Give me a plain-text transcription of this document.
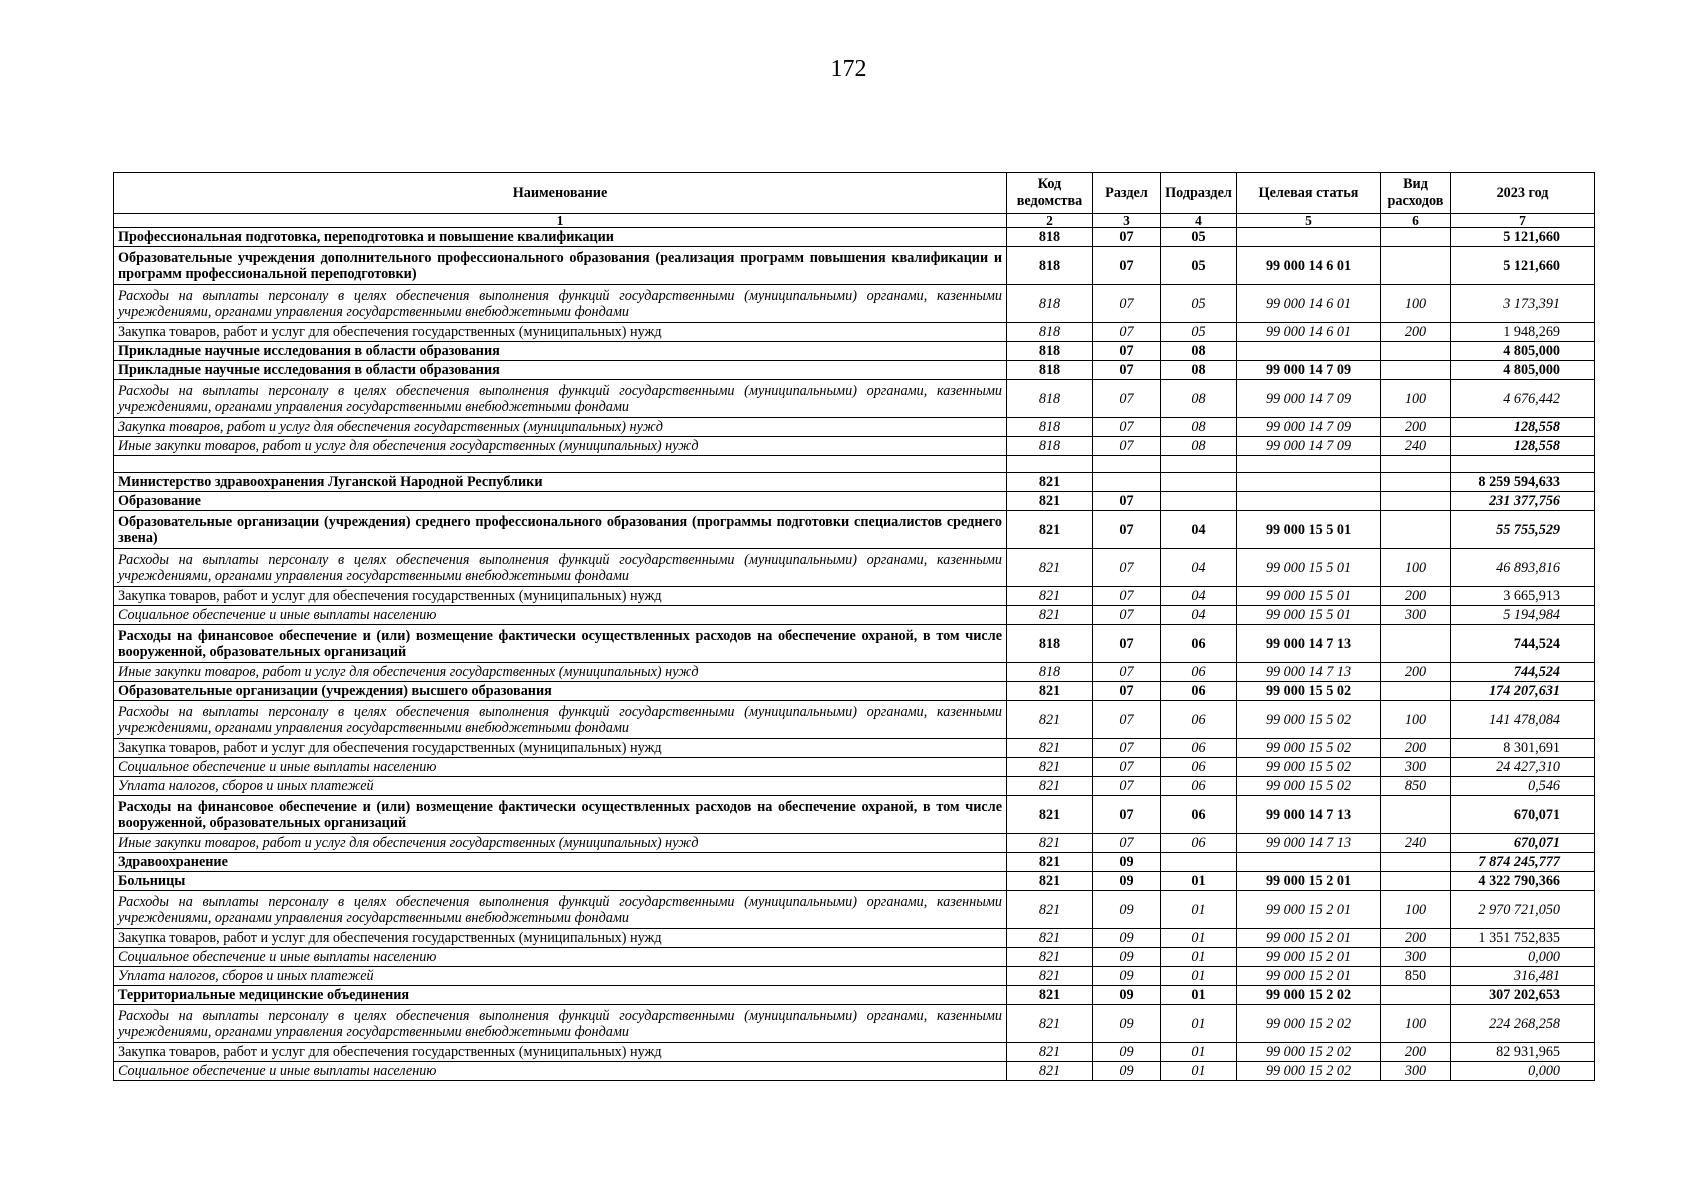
172
Наименование	Код ведомства	Раздел	Подраздел	Целевая статья	Вид расходов	2023 год
1	2	3	4	5	6	7
Профессиональная подготовка, переподготовка и повышение квалификации	818	07	05			5 121,660
Образовательные учреждения дополнительного профессионального образования (реализация программ повышения квалификации и программ профессиональной переподготовки)	818	07	05	99 000 14 6 01		5 121,660
Расходы на выплаты персоналу в целях обеспечения выполнения функций государственными (муниципальными) органами, казенными учреждениями, органами управления государственными внебюджетными фондами	818	07	05	99 000 14 6 01	100	3 173,391
Закупка товаров, работ и услуг для обеспечения государственных (муниципальных) нужд	818	07	05	99 000 14 6 01	200	1 948,269
Прикладные научные исследования в области образования	818	07	08			4 805,000
Прикладные научные исследования в области образования	818	07	08	99 000 14 7 09		4 805,000
Расходы на выплаты персоналу в целях обеспечения выполнения функций государственными (муниципальными) органами, казенными учреждениями, органами управления государственными внебюджетными фондами	818	07	08	99 000 14 7 09	100	4 676,442
Закупка товаров, работ и услуг для обеспечения государственных (муниципальных) нужд	818	07	08	99 000 14 7 09	200	128,558
Иные закупки товаров, работ и услуг для обеспечения государственных (муниципальных) нужд	818	07	08	99 000 14 7 09	240	128,558

Министерство здравоохранения Луганской Народной Республики	821					8 259 594,633
Образование	821	07				231 377,756
Образовательные организации (учреждения) среднего профессионального образования (программы подготовки специалистов среднего звена)	821	07	04	99 000 15 5 01		55 755,529
Расходы на выплаты персоналу в целях обеспечения выполнения функций государственными (муниципальными) органами, казенными учреждениями, органами управления государственными внебюджетными фондами	821	07	04	99 000 15 5 01	100	46 893,816
Закупка товаров, работ и услуг для обеспечения государственных (муниципальных) нужд	821	07	04	99 000 15 5 01	200	3 665,913
Социальное обеспечение и иные выплаты населению	821	07	04	99 000 15 5 01	300	5 194,984
Расходы на финансовое обеспечение и (или) возмещение фактически осуществленных расходов на обеспечение охраной, в том числе вооруженной, образовательных организаций	818	07	06	99 000 14 7 13		744,524
Иные закупки товаров, работ и услуг для обеспечения государственных (муниципальных) нужд	818	07	06	99 000 14 7 13	200	744,524
Образовательные организации (учреждения) высшего образования	821	07	06	99 000 15 5 02		174 207,631
Расходы на выплаты персоналу в целях обеспечения выполнения функций государственными (муниципальными) органами, казенными учреждениями, органами управления государственными внебюджетными фондами	821	07	06	99 000 15 5 02	100	141 478,084
Закупка товаров, работ и услуг для обеспечения государственных (муниципальных) нужд	821	07	06	99 000 15 5 02	200	8 301,691
Социальное обеспечение и иные выплаты населению	821	07	06	99 000 15 5 02	300	24 427,310
Уплата налогов, сборов и иных платежей	821	07	06	99 000 15 5 02	850	0,546
Расходы на финансовое обеспечение и (или) возмещение фактически осуществленных расходов на обеспечение охраной, в том числе вооруженной, образовательных организаций	821	07	06	99 000 14 7 13		670,071
Иные закупки товаров, работ и услуг для обеспечения государственных (муниципальных) нужд	821	07	06	99 000 14 7 13	240	670,071
Здравоохранение	821	09				7 874 245,777
Больницы	821	09	01	99 000 15 2 01		4 322 790,366
Расходы на выплаты персоналу в целях обеспечения выполнения функций государственными (муниципальными) органами, казенными учреждениями, органами управления государственными внебюджетными фондами	821	09	01	99 000 15 2 01	100	2 970 721,050
Закупка товаров, работ и услуг для обеспечения государственных (муниципальных) нужд	821	09	01	99 000 15 2 01	200	1 351 752,835
Социальное обеспечение и иные выплаты населению	821	09	01	99 000 15 2 01	300	0,000
Уплата налогов, сборов и иных платежей	821	09	01	99 000 15 2 01	850	316,481
Территориальные медицинские объединения	821	09	01	99 000 15 2 02		307 202,653
Расходы на выплаты персоналу в целях обеспечения выполнения функций государственными (муниципальными) органами, казенными учреждениями, органами управления государственными внебюджетными фондами	821	09	01	99 000 15 2 02	100	224 268,258
Закупка товаров, работ и услуг для обеспечения государственных (муниципальных) нужд	821	09	01	99 000 15 2 02	200	82 931,965
Социальное обеспечение и иные выплаты населению	821	09	01	99 000 15 2 02	300	0,000
